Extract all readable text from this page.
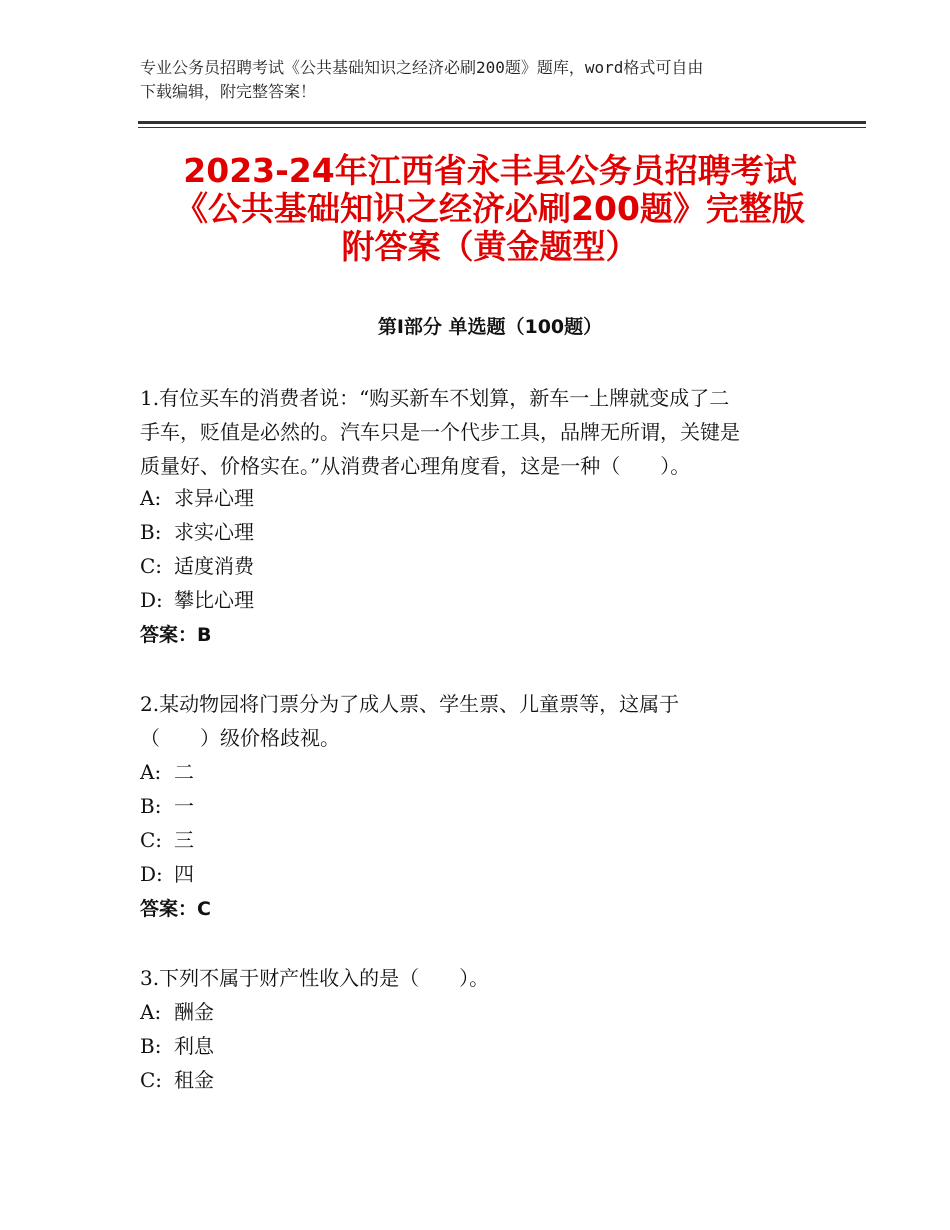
专业公务员招聘考试《公共基础知识之经济必刷200题》题库，word格式可自由
下载编辑，附完整答案！
2023-24年江西省永丰县公务员招聘考试
《公共基础知识之经济必刷200题》完整版
附答案（黄金题型）
第Ⅰ部分 单选题（100题）
1.有位买车的消费者说：“购买新车不划算，新车一上牌就变成了二
手车，贬值是必然的。汽车只是一个代步工具，品牌无所谓，关键是
质量好、价格实在。”从消费者心理角度看，这是一种（　　）。
A: 求异心理
B: 求实心理
C: 适度消费
D: 攀比心理
答案：B
2.某动物园将门票分为了成人票、学生票、儿童票等，这属于
（　　）级价格歧视。
A: 二
B: 一
C: 三
D: 四
答案：C
3.下列不属于财产性收入的是（　　）。
A: 酬金
B: 利息
C: 租金
